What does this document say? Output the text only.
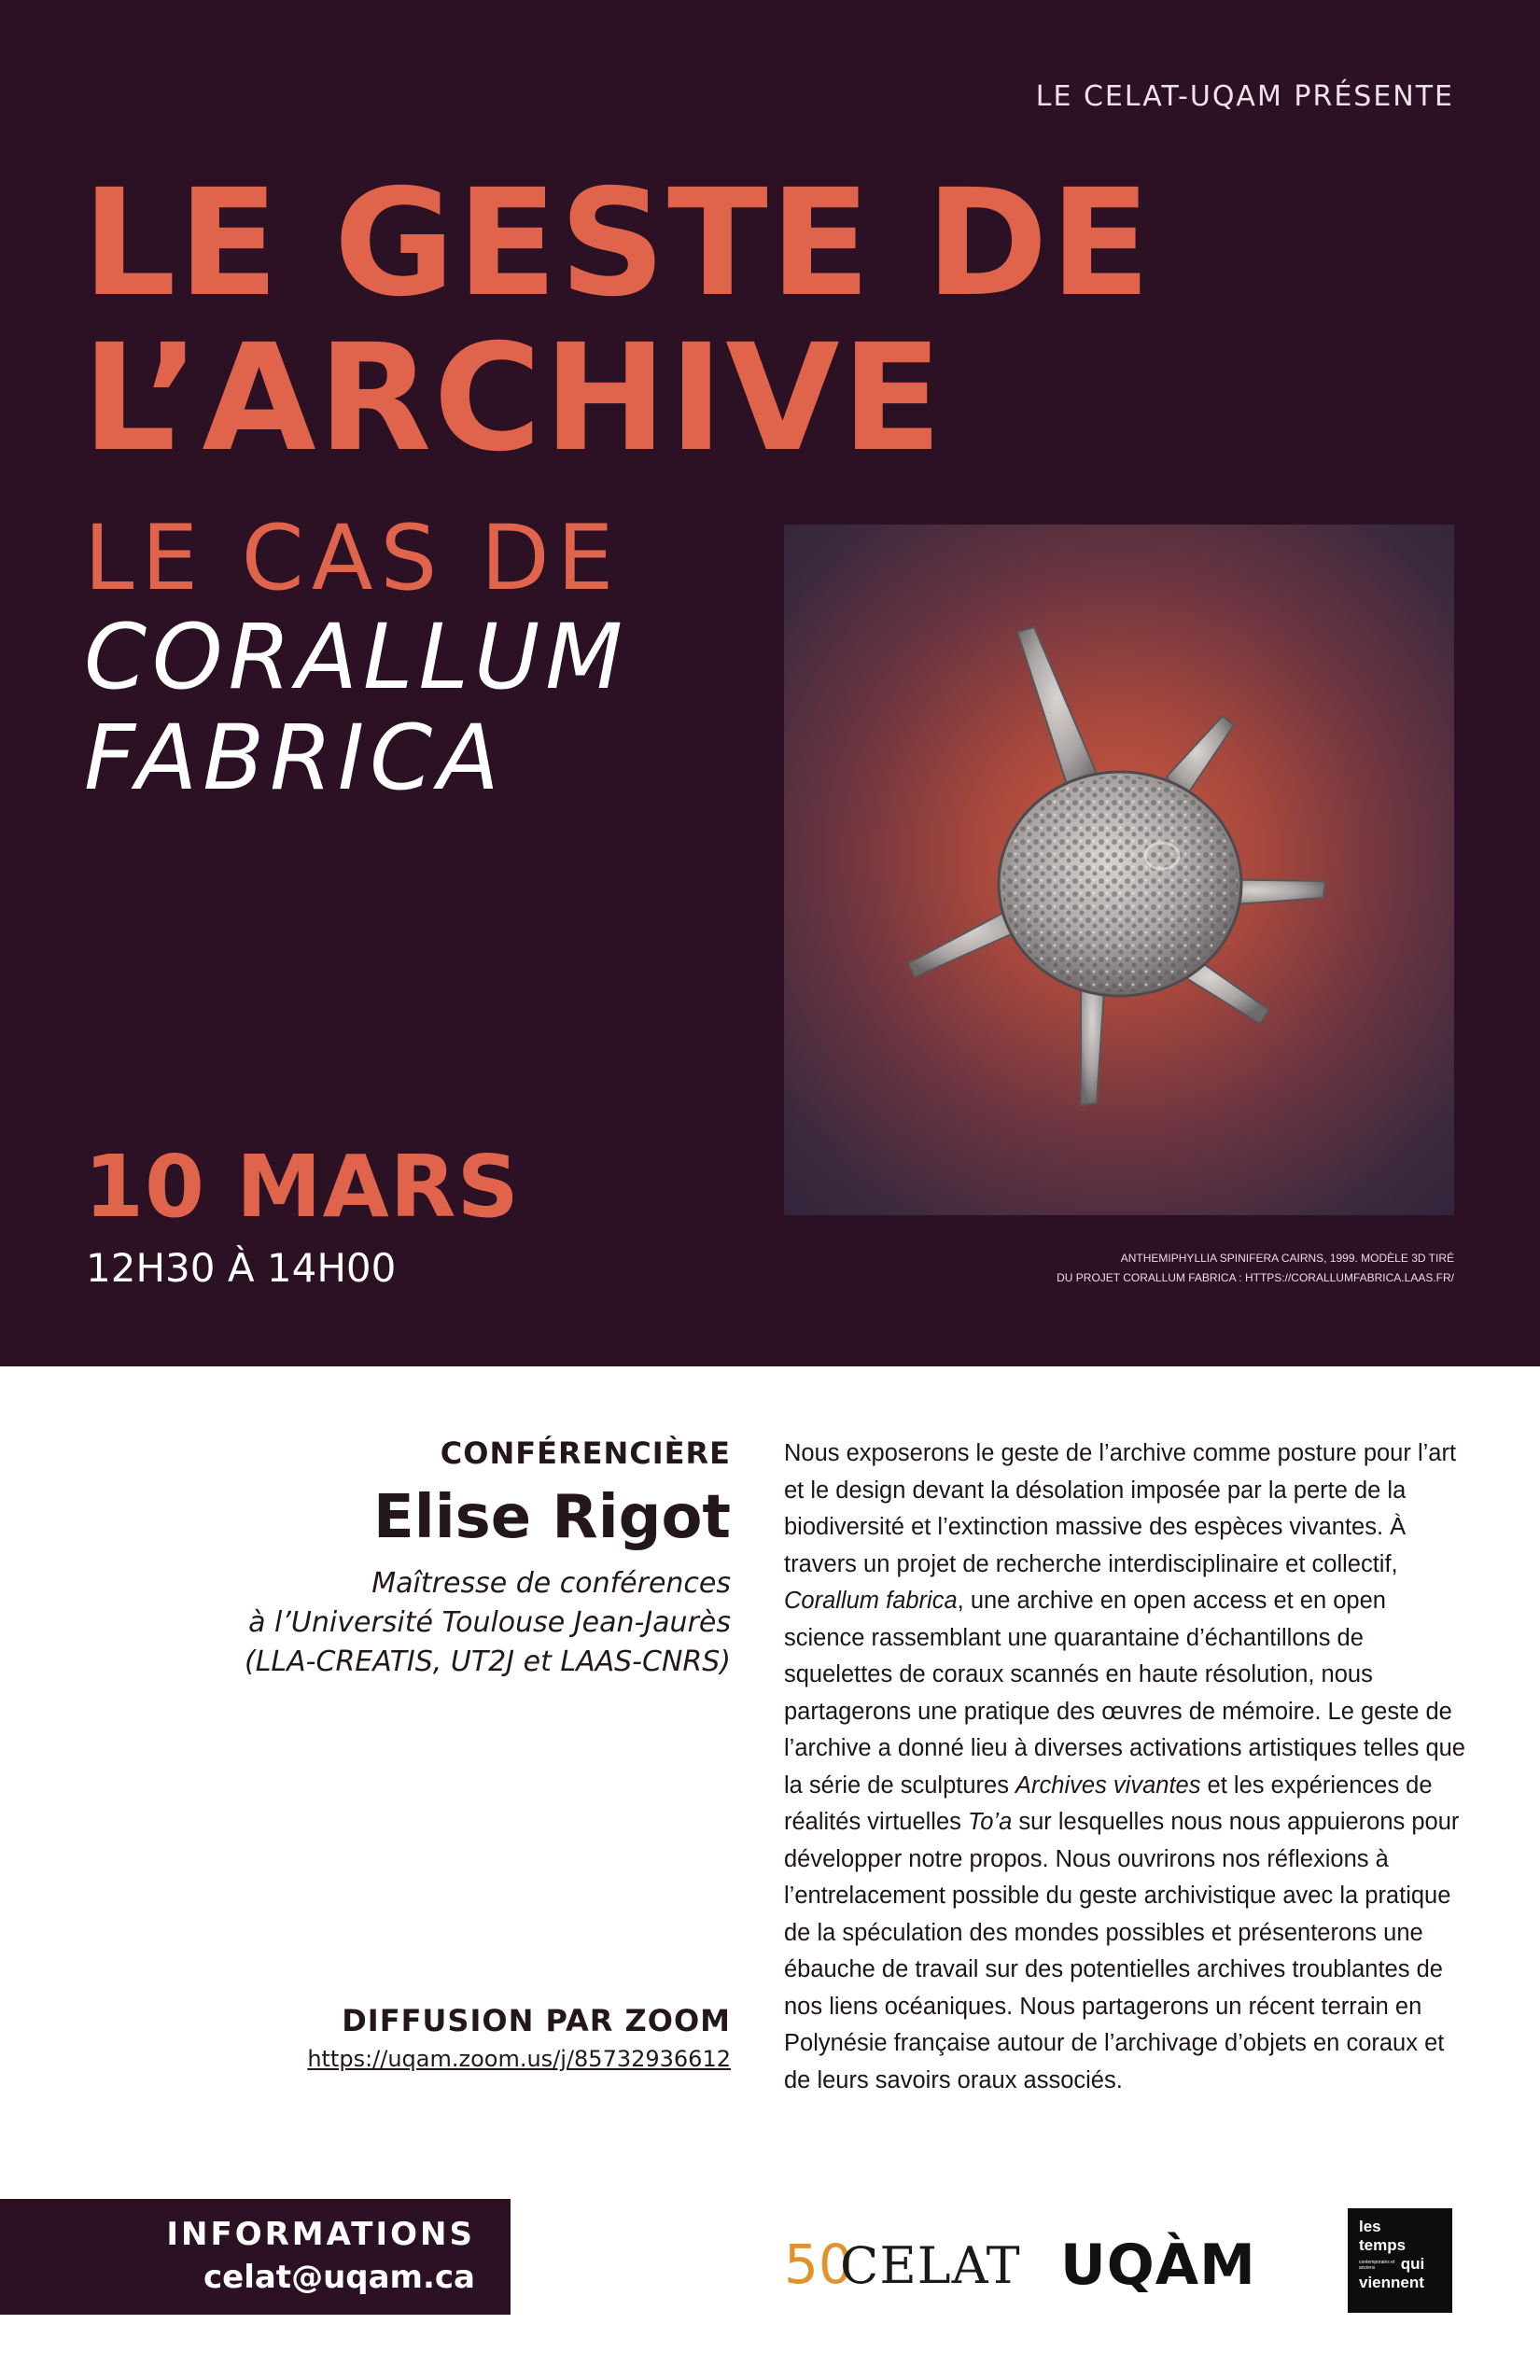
LE CELAT-UQAM PRÉSENTE
LE GESTE DE
L’ARCHIVE
LE CAS DE
CORALLUM
FABRICA
10 MARS
12H30 À 14H00	ANTHEMIPHYLLIA SPINIFERA CAIRNS, 1999. MODÈLE 3D TIRÉ
DU PROJET CORALLUM FABRICA : HTTPS://CORALLUMFABRICA.LAAS.FR/
CONFÉRENCIÈRE
Elise Rigot
Maîtresse de conférences
à l’Université Toulouse Jean-Jaurès
(LLA-CREATIS, UT2J et LAAS-CNRS)
DIFFUSION PAR ZOOM
https://uqam.zoom.us/j/85732936612
Nous exposerons le geste de l’archive comme posture pour l’art et le design devant la désolation imposée par la perte de la biodiversité et l’extinction massive des espèces vivantes. À travers un projet de recherche interdisciplinaire et collectif, Corallum fabrica, une archive en open access et en open science rassemblant une quarantaine d’échantillons de squelettes de coraux scannés en haute résolution, nous partagerons une pratique des œuvres de mémoire. Le geste de l’archive a donné lieu à diverses activations artistiques telles que la série de sculptures Archives vivantes et les expériences de réalités virtuelles To’a sur lesquelles nous nous appuierons pour développer notre propos. Nous ouvrirons nos réflexions à l’entrelacement possible du geste archivistique avec la pratique de la spéculation des mondes possibles et présenterons une ébauche de travail sur des potentielles archives troublantes de nos liens océaniques. Nous partagerons un récent terrain en Polynésie française autour de l’archivage d’objets en coraux et de leurs savoirs oraux associés.
INFORMATIONS
celat@uqam.ca	50
CELAT UQÀM
les
temps
contemporains et anciens qui
viennent
